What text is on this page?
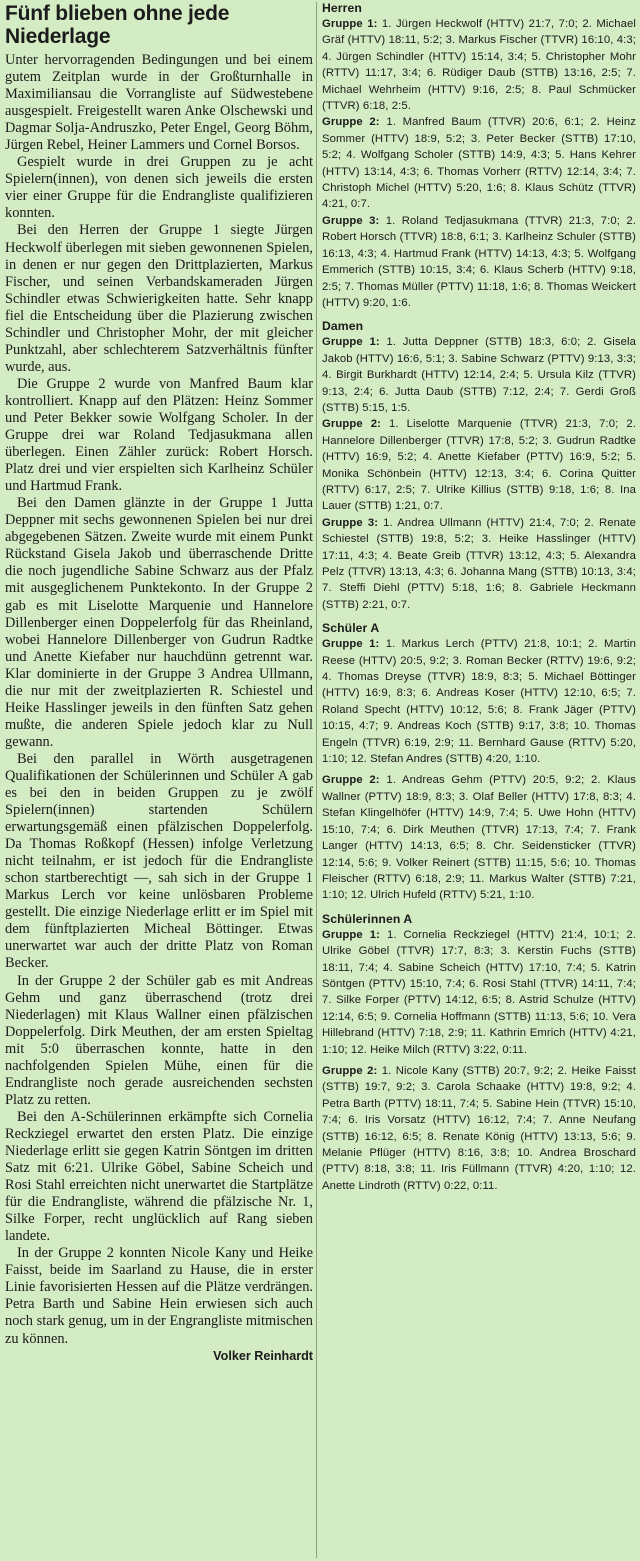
Fünf blieben ohne jede Niederlage

Unter hervorragenden Bedingungen und bei einem gutem Zeitplan wurde in der Großturnhalle in Maximiliansau die Vorrangliste auf Südwestebene ausgespielt. Freigestellt waren Anke Olschewski und Dagmar Solja-Andruszko, Peter Engel, Georg Böhm, Jürgen Rebel, Heiner Lammers und Cornel Borsos.

Gespielt wurde in drei Gruppen zu je acht Spielern(innen), von denen sich jeweils die ersten vier einer Gruppe für die Endrangliste qualifizieren konnten.

Bei den Herren der Gruppe 1 siegte Jürgen Heckwolf überlegen mit sieben gewonnenen Spielen, in denen er nur gegen den Drittplazierten, Markus Fischer, und seinen Verbandskameraden Jürgen Schindler etwas Schwierigkeiten hatte. Sehr knapp fiel die Entscheidung über die Plazierung zwischen Schindler und Christopher Mohr, der mit gleicher Punktzahl, aber schlechterem Satzverhältnis fünfter wurde, aus.

Die Gruppe 2 wurde von Manfred Baum klar kontrolliert. Knapp auf den Plätzen: Heinz Sommer und Peter Bekker sowie Wolfgang Scholer. In der Gruppe drei war Roland Tedjasukmana allen überlegen. Einen Zähler zurück: Robert Horsch. Platz drei und vier erspielten sich Karlheinz Schüler und Hartmud Frank.

Bei den Damen glänzte in der Gruppe 1 Jutta Deppner mit sechs gewonnenen Spielen bei nur drei abgegebenen Sätzen. Zweite wurde mit einem Punkt Rückstand Gisela Jakob und überraschende Dritte die noch jugendliche Sabine Schwarz aus der Pfalz mit ausgeglichenem Punktekonto. In der Gruppe 2 gab es mit Liselotte Marquenie und Hannelore Dillenberger einen Doppelerfolg für das Rheinland, wobei Hannelore Dillenberger von Gudrun Radtke und Anette Kiefaber nur hauchdünn getrennt war. Klar dominierte in der Gruppe 3 Andrea Ullmann, die nur mit der zweitplazierten R. Schiestel und Heike Hasslinger jeweils in den fünften Satz gehen mußte, die anderen Spiele jedoch klar zu Null gewann.

Bei den parallel in Wörth ausgetragenen Qualifikationen der Schülerinnen und Schüler A gab es bei den in beiden Gruppen zu je zwölf Spielern(innen) startenden Schülern erwartungsgemäß einen pfälzischen Doppelerfolg. Da Thomas Roßkopf (Hessen) infolge Verletzung nicht teilnahm, er ist jedoch für die Endrangliste schon startberechtigt —, sah sich in der Gruppe 1 Markus Lerch vor keine unlösbaren Probleme gestellt. Die einzige Niederlage erlitt er im Spiel mit dem fünftplazierten Micheal Böttinger. Etwas unerwartet war auch der dritte Platz von Roman Becker.

In der Gruppe 2 der Schüler gab es mit Andreas Gehm und ganz überraschend (trotz drei Niederlagen) mit Klaus Wallner einen pfälzischen Doppelerfolg. Dirk Meuthen, der am ersten Spieltag mit 5:0 überraschen konnte, hatte in den nachfolgenden Spielen Mühe, einen für die Endrangliste noch gerade ausreichenden sechsten Platz zu retten.

Bei den A-Schülerinnen erkämpfte sich Cornelia Reckziegel erwartet den ersten Platz. Die einzige Niederlage erlitt sie gegen Katrin Söntgen im dritten Satz mit 6:21. Ulrike Göbel, Sabine Scheich und Rosi Stahl erreichten nicht unerwartet die Startplätze für die Endrangliste, während die pfälzische Nr. 1, Silke Forper, recht unglücklich auf Rang sieben landete.

In der Gruppe 2 konnten Nicole Kany und Heike Faisst, beide im Saarland zu Hause, die in erster Linie favorisierten Hessen auf die Plätze verdrängen. Petra Barth und Sabine Hein erwiesen sich auch noch stark genug, um in der Engrangliste mitmischen zu können.

Volker Reinhardt
Herren

Gruppe 1: 1. Jürgen Heckwolf (HTTV) 21:7, 7:0; 2. Michael Gräf (HTTV) 18:11, 5:2; 3. Markus Fischer (TTVR) 16:10, 4:3; 4. Jürgen Schindler (HTTV) 15:14, 3:4; 5. Christopher Mohr (RTTV) 11:17, 3:4; 6. Rüdiger Daub (STTB) 13:16, 2:5; 7. Michael Wehrheim (HTTV) 9:16, 2:5; 8. Paul Schmücker (TTVR) 6:18, 2:5.

Gruppe 2: 1. Manfred Baum (TTVR) 20:6, 6:1; 2. Heinz Sommer (HTTV) 18:9, 5:2; 3. Peter Becker (STTB) 17:10, 5:2; 4. Wolfgang Scholer (STTB) 14:9, 4:3; 5. Hans Kehrer (HTTV) 13:14, 4:3; 6. Thomas Vorherr (RTTV) 12:14, 3:4; 7. Christoph Michel (HTTV) 5:20, 1:6; 8. Klaus Schütz (TTVR) 4:21, 0:7.

Gruppe 3: 1. Roland Tedjasukmana (TTVR) 21:3, 7:0; 2. Robert Horsch (TTVR) 18:8, 6:1; 3. Karlheinz Schuler (STTB) 16:13, 4:3; 4. Hartmud Frank (HTTV) 14:13, 4:3; 5. Wolfgang Emmerich (STTB) 10:15, 3:4; 6. Klaus Scherb (HTTV) 9:18, 2:5; 7. Thomas Müller (PTTV) 11:18, 1:6; 8. Thomas Weickert (HTTV) 9:20, 1:6.

Damen

Gruppe 1: 1. Jutta Deppner (STTB) 18:3, 6:0; 2. Gisela Jakob (HTTV) 16:6, 5:1; 3. Sabine Schwarz (PTTV) 9:13, 3:3; 4. Birgit Burkhardt (HTTV) 12:14, 2:4; 5. Ursula Kilz (TTVR) 9:13, 2:4; 6. Jutta Daub (STTB) 7:12, 2:4; 7. Gerdi Groß (STTB) 5:15, 1:5.

Gruppe 2: 1. Liselotte Marquenie (TTVR) 21:3, 7:0; 2. Hannelore Dillenberger (TTVR) 17:8, 5:2; 3. Gudrun Radtke (HTTV) 16:9, 5:2; 4. Anette Kiefaber (PTTV) 16:9, 5:2; 5. Monika Schönbein (HTTV) 12:13, 3:4; 6. Corina Quitter (RTTV) 6:17, 2:5; 7. Ulrike Killius (STTB) 9:18, 1:6; 8. Ina Lauer (STTB) 1:21, 0:7.

Gruppe 3: 1. Andrea Ullmann (HTTV) 21:4, 7:0; 2. Renate Schiestel (STTB) 19:8, 5:2; 3. Heike Hasslinger (HTTV) 17:11, 4:3; 4. Beate Greib (TTVR) 13:12, 4:3; 5. Alexandra Pelz (TTVR) 13:13, 4:3; 6. Johanna Mang (STTB) 10:13, 3:4; 7. Steffi Diehl (PTTV) 5:18, 1:6; 8. Gabriele Heckmann (STTB) 2:21, 0:7.

Schüler A

Gruppe 1: 1. Markus Lerch (PTTV) 21:8, 10:1; 2. Martin Reese (HTTV) 20:5, 9:2; 3. Roman Becker (RTTV) 19:6, 9:2; 4. Thomas Dreyse (TTVR) 18:9, 8:3; 5. Michael Böttinger (HTTV) 16:9, 8:3; 6. Andreas Koser (HTTV) 12:10, 6:5; 7. Roland Specht (HTTV) 10:12, 5:6; 8. Frank Jäger (PTTV) 10:15, 4:7; 9. Andreas Koch (STTB) 9:17, 3:8; 10. Thomas Engeln (TTVR) 6:19, 2:9; 11. Bernhard Gause (RTTV) 5:20, 1:10; 12. Stefan Andres (STTB) 4:20, 1:10.

Gruppe 2: 1. Andreas Gehm (PTTV) 20:5, 9:2; 2. Klaus Wallner (PTTV) 18:9, 8:3; 3. Olaf Beller (HTTV) 17:8, 8:3; 4. Stefan Klingelhöfer (HTTV) 14:9, 7:4; 5. Uwe Hohn (HTTV) 15:10, 7:4; 6. Dirk Meuthen (TTVR) 17:13, 7:4; 7. Frank Langer (HTTV) 14:13, 6:5; 8. Chr. Seidensticker (TTVR) 12:14, 5:6; 9. Volker Reinert (STTB) 11:15, 5:6; 10. Thomas Fleischer (RTTV) 6:18, 2:9; 11. Markus Walter (STTB) 7:21, 1:10; 12. Ulrich Hufeld (RTTV) 5:21, 1:10.

Schülerinnen A

Gruppe 1: 1. Cornelia Reckziegel (HTTV) 21:4, 10:1; 2. Ulrike Göbel (TTVR) 17:7, 8:3; 3. Kerstin Fuchs (STTB) 18:11, 7:4; 4. Sabine Scheich (HTTV) 17:10, 7:4; 5. Katrin Söntgen (PTTV) 15:10, 7:4; 6. Rosi Stahl (TTVR) 14:11, 7:4; 7. Silke Forper (PTTV) 14:12, 6:5; 8. Astrid Schulze (HTTV) 12:14, 6:5; 9. Cornelia Hoffmann (STTB) 11:13, 5:6; 10. Vera Hillebrand (HTTV) 7:18, 2:9; 11. Kathrin Emrich (HTTV) 4:21, 1:10; 12. Heike Milch (RTTV) 3:22, 0:11.

Gruppe 2: 1. Nicole Kany (STTB) 20:7, 9:2; 2. Heike Faisst (STTB) 19:7, 9:2; 3. Carola Schaake (HTTV) 19:8, 9:2; 4. Petra Barth (PTTV) 18:11, 7:4; 5. Sabine Hein (TTVR) 15:10, 7:4; 6. Iris Vorsatz (HTTV) 16:12, 7:4; 7. Anne Neufang (STTB) 16:12, 6:5; 8. Renate König (HTTV) 13:13, 5:6; 9. Melanie Pflüger (HTTV) 8:16, 3:8; 10. Andrea Broschard (PTTV) 8:18, 3:8; 11. Iris Füllmann (TTVR) 4:20, 1:10; 12. Anette Lindroth (RTTV) 0:22, 0:11.
